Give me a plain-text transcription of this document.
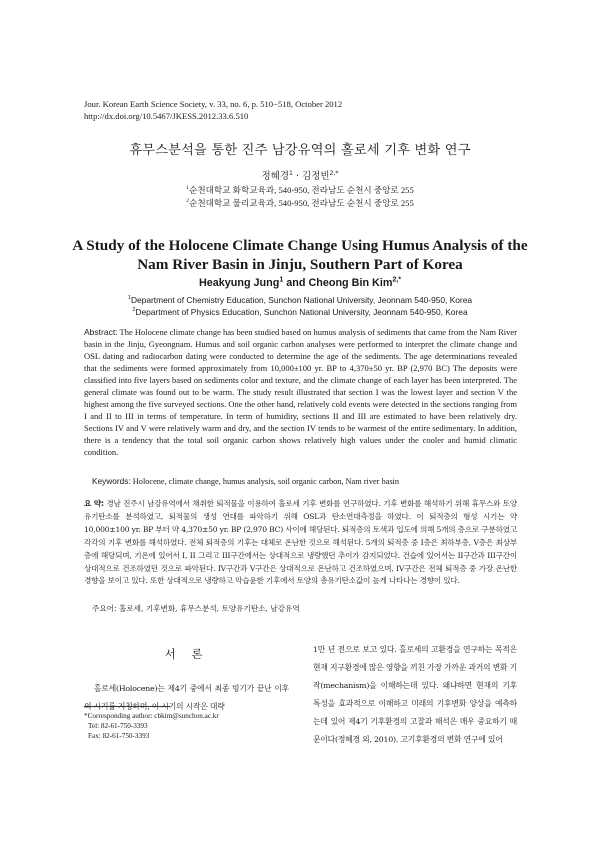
Jour. Korean Earth Science Society, v. 33, no. 6, p. 510−518, October 2012
http://dx.doi.org/10.5467/JKESS.2012.33.6.510
휴무스분석을 통한 진주 남강유역의 홀로세 기후 변화 연구
정혜경$^1$ · 김정빈$^{2,*}$
$^1$순천대학교 화학교육과, 540-950, 전라남도 순천시 중앙로 255
$^2$순천대학교 물리교육과, 540-950, 전라남도 순천시 중앙로 255
A Study of the Holocene Climate Change Using Humus Analysis of the Nam River Basin in Jinju, Southern Part of Korea
Heakyung Jung$^1$ and Cheong Bin Kim$^{2,*}$
$^1$Department of Chemistry Education, Sunchon National University, Jeonnam 540-950, Korea
$^2$Department of Physics Education, Sunchon National University, Jeonnam 540-950, Korea
Abstract: The Holocene climate change has been studied based on humus analysis of sediments that came from the Nam River basin in the Jinju, Gyeongnam. Humus and soil organic carbon analyses were performed to interpret the climate change and OSL dating and radiocarbon dating were conducted to determine the age of the sediments. The age determinations revealed that the sediments were formed approximately from 10,000±100 yr. BP to 4,370±50 yr. BP (2,970 BC) The deposits were classified into five layers based on sediments color and texture, and the climate change of each layer has been interpreted. The general climate was found out to be warm. The study result illustrated that section I was the lowest layer and section V the highest among the five surveyed sections. One the other hand, relatively cold events were detected in the sections ranging from I and II to III in terms of temperature. In term of humidity, sections II and III are estimated to have been relatively dry. Sections IV and V were relatively warm and dry, and the section IV tends to be warmest of the entire sedimentary. In addition, there is a tendency that the total soil organic carbon shows relatively high values under the cooler and humid climatic condition.
Keywords: Holocene, climate change, humus analysis, soil organic carbon, Nam river basin
요 약: 경남 진주시 남강유역에서 채취한 퇴적물을 이용하여 홀로세 기후 변화를 연구하였다. 기후 변화를 해석하기 위해 휴무스와 토양유기탄소를 분석하였고, 퇴적물의 생성 연대를 파악하기 위해 OSL과 탄소연대측정을 하였다. 이 퇴적층의 형성 시기는 약 10,000±100 yr. BP 부터 약 4,370±50 yr. BP (2,970 BC) 사이에 해당된다. 퇴적층의 토색과 입도에 의해 5개의 층으로 구분하였고 각각의 기후 변화를 해석하였다. 전체 퇴적층의 기후는 대체로 온난한 것으로 해석된다. 5개의 퇴적층 중 I층은 최하부층, V층은 최상부층에 해당되며, 기온에 있어서 I, II 그리고 III구간에서는 상대적으로 냉량했던 추이가 감지되었다. 건습에 있어서는 II구간과 III구간이 상대적으로 건조하였던 것으로 파악된다. IV구간과 V구간은 상대적으로 온난하고 건조하였으며, IV구간은 전체 퇴적층 중 가장 온난한 경향을 보이고 있다. 또한 상대적으로 냉량하고 악습윤한 기후에서 토양의 총유기탄소값이 높게 나타나는 경향이 있다.
주요어: 홀로세, 기후변화, 휴무스분석, 토양유기탄소, 남강유역
서 론
홀로세(Holocene)는 제4기 중에서 최종 빙기가 끝난 이후의 시기를 지칭하며, 이 시기의 시작은 대략
*Corresponding author: cbkim@sunchon.ac.kr
Tel: 82-61-750-3393
Fax: 82-61-750-3393
1만 년 전으로 보고 있다. 홀로세의 고환경을 연구하는 목적은 현재 지구환경에 많은 영향을 끼친 가장 가까운 과거의 변화 기작(mechanism)을 이해하는데 있다. 왜냐하면 현재의 기후 특성을 효과적으로 이해하고 미래의 기후변화 양상을 예측하는데 있어 제4기 기후환경의 고찰과 해석은 매우 중요하기 때문이다(정혜경 외, 2010). 고기후환경의 변화 연구에 있어
